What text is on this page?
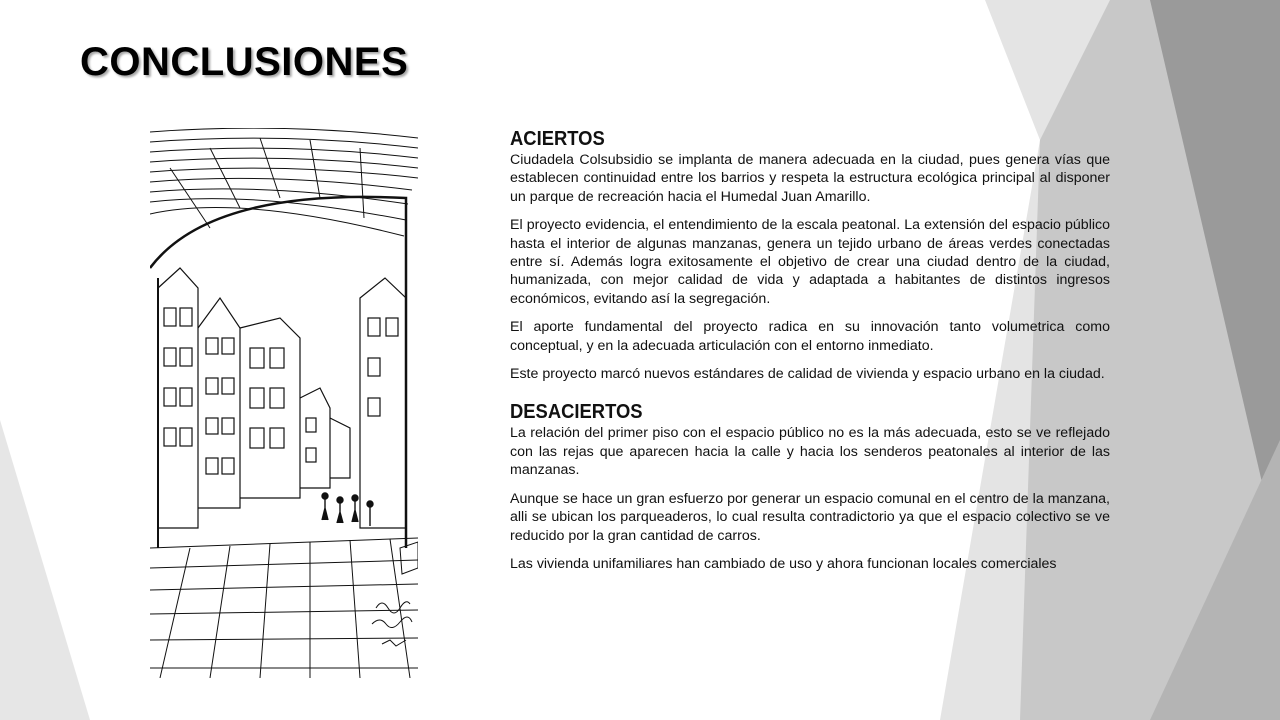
CONCLUSIONES
ACIERTOS

Ciudadela Colsubsidio se implanta de manera adecuada en la ciudad, pues genera vías que establecen continuidad entre los barrios y respeta la estructura ecológica principal al disponer un parque de recreación hacia el Humedal Juan Amarillo.

El proyecto evidencia, el entendimiento de la escala peatonal. La extensión del espacio público hasta el interior de algunas manzanas, genera un tejido urbano de áreas verdes conectadas entre sí. Además logra exitosamente el objetivo de crear una ciudad dentro de la ciudad, humanizada, con mejor calidad de vida y adaptada a habitantes de distintos ingresos económicos, evitando así la segregación.

El aporte fundamental del proyecto radica en su innovación tanto volumetrica como conceptual, y en la adecuada articulación con el entorno inmediato.

Este proyecto marcó nuevos estándares de calidad de vivienda y espacio urbano en la ciudad.

DESACIERTOS

La relación del primer piso con el espacio público no es la más adecuada, esto se ve reflejado con las rejas que aparecen hacia la calle y hacia los senderos peatonales al interior de las manzanas.

Aunque se hace un gran esfuerzo por generar un espacio comunal en el centro de la manzana, alli se ubican los parqueaderos, lo cual resulta contradictorio ya que el espacio colectivo se ve reducido por la gran cantidad de carros.

Las vivienda unifamiliares han cambiado de uso y ahora funcionan locales comerciales
